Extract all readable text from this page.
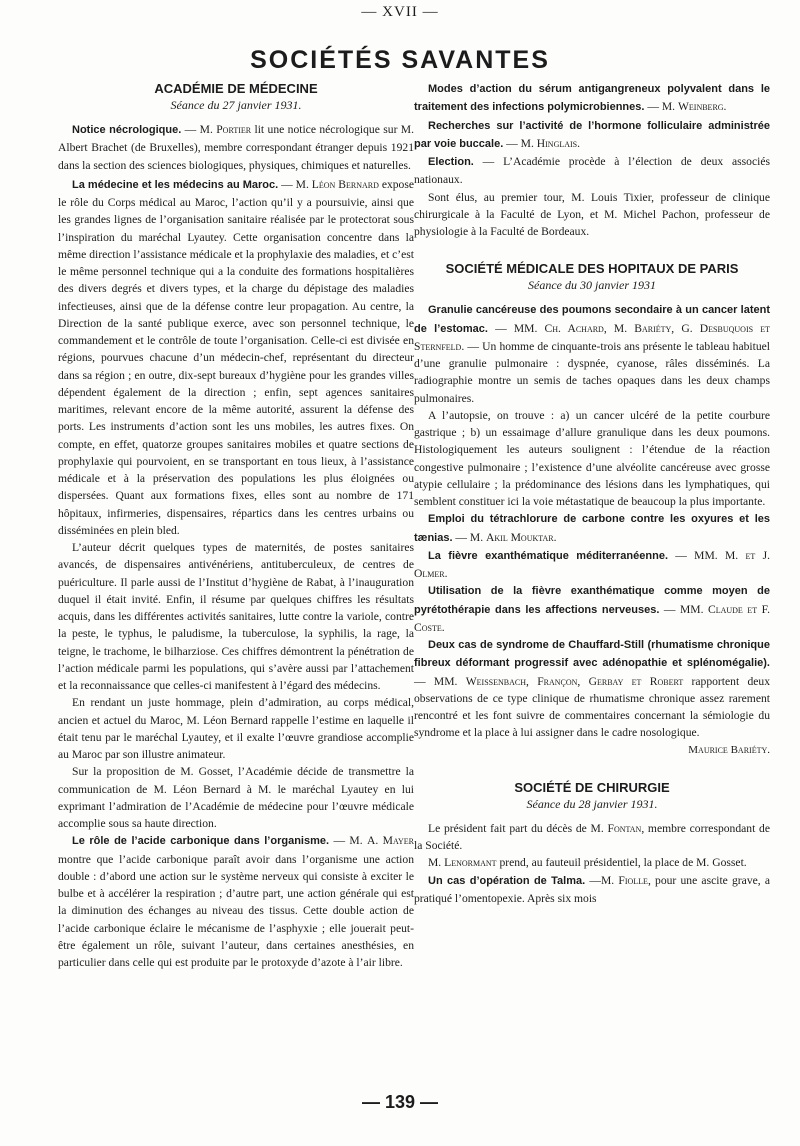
— XVII —
SOCIÉTÉS SAVANTES
ACADÉMIE DE MÉDECINE
Séance du 27 janvier 1931.

Notice nécrologique. — M. Portier lit une notice nécrologique sur M. Albert Brachet (de Bruxelles), membre correspondant étranger depuis 1921 dans la section des sciences biologiques, physiques, chimiques et naturelles.

La médecine et les médecins au Maroc. — M. Léon Bernard expose le rôle du Corps médical au Maroc, l’action qu’il y a poursuivie, ainsi que les grandes lignes de l’organisation sanitaire réalisée par le protectorat sous l’inspiration du maréchal Lyautey. Cette organisation concentre dans la même direction l’assistance médicale et la prophylaxie des maladies, et c’est le même personnel technique qui a la conduite des formations hospitalières des divers degrés et divers types, et la charge du dépistage des maladies infectieuses, ainsi que de la défense contre leur propagation. Au centre, la Direction de la santé publique exerce, avec son personnel technique, le commandement et le contrôle de toute l’organisation. Celle-ci est divisée en régions, pourvues chacune d’un médecin-chef, représentant du directeur dans sa région ; en outre, dix-sept bureaux d’hygiène pour les grandes villes dépendent également de la direction ; enfin, sept agences sanitaires maritimes, relevant encore de la même autorité, assurent la défense des ports. Les instruments d’action sont les uns mobiles, les autres fixes. On compte, en effet, quatorze groupes sanitaires mobiles et quatre sections de prophylaxie qui pourvoient, en se transportant en tous lieux, à l’assistance médicale et à la préservation des populations les plus éloignées ou dispersées. Quant aux formations fixes, elles sont au nombre de 171 hôpitaux, infirmeries, dispensaires, répartics dans les centres urbains ou disséminées en plein bled.

L’auteur décrit quelques types de maternités, de postes sanitaires avancés, de dispensaires antivénériens, antituberculeux, de centres de puériculture. Il parle aussi de l’Institut d’hygiène de Rabat, à l’inauguration duquel il était invité. Enfin, il résume par quelques chiffres les résultats acquis, dans les différentes activités sanitaires, lutte contre la variole, contre la peste, le typhus, le paludisme, la tuberculose, la syphilis, la rage, la teigne, le trachome, le bilharziose. Ces chiffres démontrent la pénétration de l’action médicale parmi les populations, qui s’avère aussi par l’attachement et la reconnaissance que celles-ci manifestent à l’égard des médecins.

En rendant un juste hommage, plein d’admiration, au corps médical, ancien et actuel du Maroc, M. Léon Bernard rappelle l’estime en laquelle il était tenu par le maréchal Lyautey, et il exalte l’œuvre grandiose accomplie au Maroc par son illustre animateur.

Sur la proposition de M. Gosset, l’Académie décide de transmettre la communication de M. Léon Bernard à M. le maréchal Lyautey en lui exprimant l’admiration de l’Académie de médecine pour l’œuvre médicale accomplie sous sa haute direction.

Le rôle de l’acide carbonique dans l’organisme. — M. A. Mayer montre que l’acide carbonique paraît avoir dans l’organisme une action double : d’abord une action sur le système nerveux qui consiste à exciter le bulbe et à accélérer la respiration ; d’autre part, une action générale qui est la diminution des échanges au niveau des tissus. Cette double action de l’acide carbonique éclaire le mécanisme de l’asphyxie ; elle jouerait peut-être également un rôle, suivant l’auteur, dans certaines anesthésies, en particulier dans celle qui est produite par le protoxyde d’azote à l’air libre.

Modes d’action du sérum antigangreneux polyvalent dans le traitement des infections polymicrobiennes. — M. Weinberg.

Recherches sur l’activité de l’hormone folliculaire administrée par voie buccale. — M. Hinglais.

Election. — L’Académie procède à l’élection de deux associés nationaux.

Sont élus, au premier tour, M. Louis Tixier, professeur de clinique chirurgicale à la Faculté de Lyon, et M. Michel Pachon, professeur de physiologie à la Faculté de Bordeaux.

SOCIÉTÉ MÉDICALE DES HOPITAUX DE PARIS
Séance du 30 janvier 1931

Granulie cancéreuse des poumons secondaire à un cancer latent de l’estomac. — MM. Ch. Achard, M. Bariéty, G. Desbuquois et Sternfeld. — Un homme de cinquante-trois ans présente le tableau habituel d’une granulie pulmonaire : dyspnée, cyanose, râles disséminés. La radiographie montre un semis de taches opaques dans les deux champs pulmonaires.

A l’autopsie, on trouve : a) un cancer ulcéré de la petite courbure gastrique ; b) un essaimage d’allure granulique dans les deux poumons. Histologiquement les auteurs soulignent : l’étendue de la réaction congestive pulmonaire ; l’existence d’une alvéolite cancéreuse avec grosse atypie cellulaire ; la prédominance des lésions dans les lymphatiques, qui semblent constituer ici la voie métastatique de beaucoup la plus importante.

Emploi du tétrachlorure de carbone contre les oxyures et les tænias. — M. Akil Mouktar.

La fièvre exanthématique méditerranéenne. — MM. M. et J. Olmer.

Utilisation de la fièvre exanthématique comme moyen de pyrétothérapie dans les affections nerveuses. — MM. Claude et F. Coste.

Deux cas de syndrome de Chauffard-Still (rhumatisme chronique fibreux déformant progressif avec adénopathie et splénomégalie). — MM. Weissenbach, Françon, Gerbay et Robert rapportent deux observations de ce type clinique de rhumatisme chronique assez rarement rencontré et les font suivre de commentaires concernant la sémiologie du syndrome et la place à lui assigner dans le cadre nosologique.

Maurice Bariéty.

SOCIÉTÉ DE CHIRURGIE
Séance du 28 janvier 1931.

Le président fait part du décès de M. Fontan, membre correspondant de la Société.

M. Lenormant prend, au fauteuil présidentiel, la place de M. Gosset.

Un cas d’opération de Talma. —M. Fiolle, pour une ascite grave, a pratiqué l’omentopexie. Après six mois

— 139 —
